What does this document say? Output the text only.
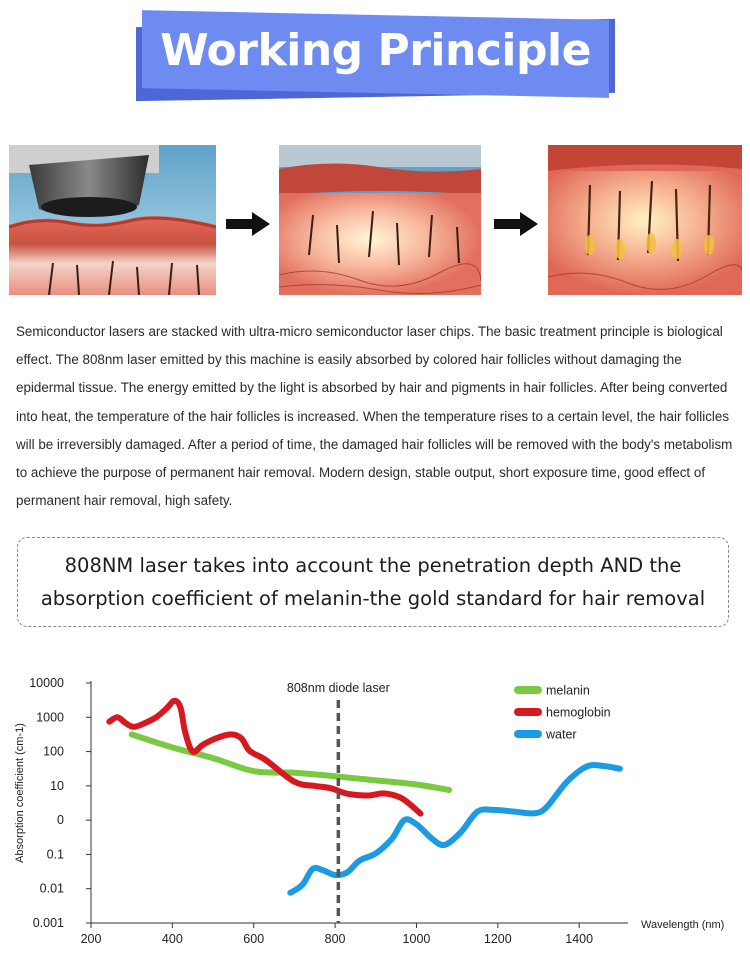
Working Principle
Semiconductor lasers are stacked with ultra-micro semiconductor laser chips. The basic treatment principle is biological effect. The 808nm laser emitted by this machine is easily absorbed by colored hair follicles without damaging the epidermal tissue. The energy emitted by the light is absorbed by hair and pigments in hair follicles. After being converted into heat, the temperature of the hair follicles is increased. When the temperature rises to a certain level, the hair follicles will be irreversibly damaged. After a period of time, the damaged hair follicles will be removed with the body's metabolism to achieve the purpose of permanent hair removal. Modern design, stable output, short exposure time, good effect of permanent hair removal, high safety.
808NM laser takes into account the penetration depth AND the absorption coefficient of melanin-the gold standard for hair removal
10000
1000
100
10
0
0.1
0.01
0.001
200	400	600	800	1000	1200	1400
melanin
hemoglobin
water
Absorption coefficient (cm-1)
Wavelength (nm)
808nm diode laser
